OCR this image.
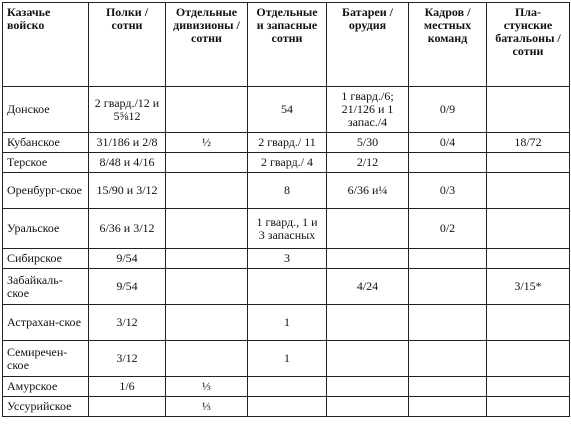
Казачье войско	Полки / сотни	Отдельные дивизионы / сотни	Отдельные и запасные сотни	Батареи / орудия	Кадров / местных команд	Пла-стунские батальоны / сотни
Донское	2 гвард./12 и 5⅝12		54	1 гвард./6; 21/126 и 1 запас./4	0/9	
Кубанское	31/186 и 2/8	½	2 гвард./ 11	5/30	0/4	18/72
Терское	8/48 и 4/16		2 гвард./ 4	2/12		
Оренбург-ское	15/90 и 3/12		8	6/36 и¼	0/3	
Уральское	6/36 и 3/12		1 гвард., 1 и 3 запасных		0/2	
Сибирское	9/54		3			
Забайкаль-ское	9/54			4/24		3/15*
Астрахан-ское	3/12		1			
Семиречен-ское	3/12		1			
Амурское	1/6	⅓				
Уссурийское		⅓				
